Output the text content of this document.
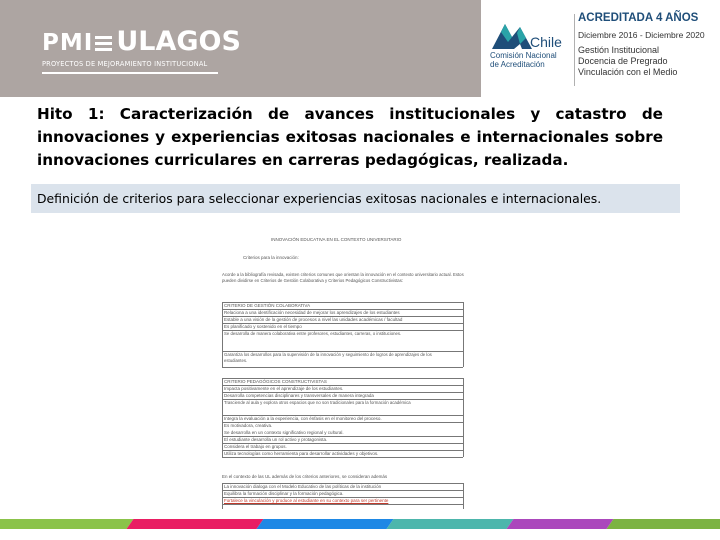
PMI ULAGOS
PROYECTOS DE MEJORAMIENTO INSTITUCIONAL
Chile
Comisión Nacional
de Acreditación
ACREDITADA 4 AÑOS
Diciembre 2016 - Diciembre 2020
Gestión Institucional
Docencia de Pregrado
Vinculación con el Medio

Hito 1: Caracterización de avances institucionales y catastro de innovaciones y experiencias exitosas nacionales e internacionales sobre innovaciones curriculares en carreras pedagógicas, realizada.

Definición de criterios para seleccionar experiencias exitosas nacionales e internacionales.
INNOVACIÓN EDUCATIVA EN EL CONTEXTO UNIVERSITARIO
Criterios para la innovación:
Acorde a la bibliografía revisada, existen criterios comunes que orientan la innovación en el contexto universitario actual. Estos pueden dividirse en Criterios de Gestión Colaborativa y Criterios Pedagógicos Constructivistas:
CRITERIO DE GESTIÓN COLABORATIVA
Relaciona a una identificación necesidad de mejorar los aprendizajes de los estudiantes
Estable a una visión de la gestión de procesos a nivel las unidades académicas / facultad
Es planificado y sostenido en el tiempo
Se desarrolla de manera colaborativa entre profesores, estudiantes, carreras, o instituciones.
Garantiza los desarrollos para la supervisión de la innovación y seguimiento de logros de aprendizajes de los estudiantes.
CRITERIO PEDAGÓGICOS CONSTRUCTIVISTAS
Impacta positivamente en el aprendizaje de los estudiantes.
Desarrolla competencias disciplinares y transversales de manera integrada
Trasciende al aula y explora otros espacios que no son tradicionales para la formación académica
Integra la evaluación a la experiencia, con énfasis en el monitoreo del proceso.
Es motivadora, creativa.
Se desarrolla en un contexto significativo regional y cultural.
El estudiante desarrolla un rol activo y protagonista.
Considera el trabajo en grupos.
Utiliza tecnologías como herramienta para desarrollar actividades y objetivos.
En el contexto de las UL además de los criterios anteriores, se consideran además
La innovación dialoga con el Modelo Educativo de las políticas de la institución
Equilibra la formación disciplinar y la formación pedagógica.
Fortalece la vinculación y produce al estudiante en su contexto para ser pertinente
